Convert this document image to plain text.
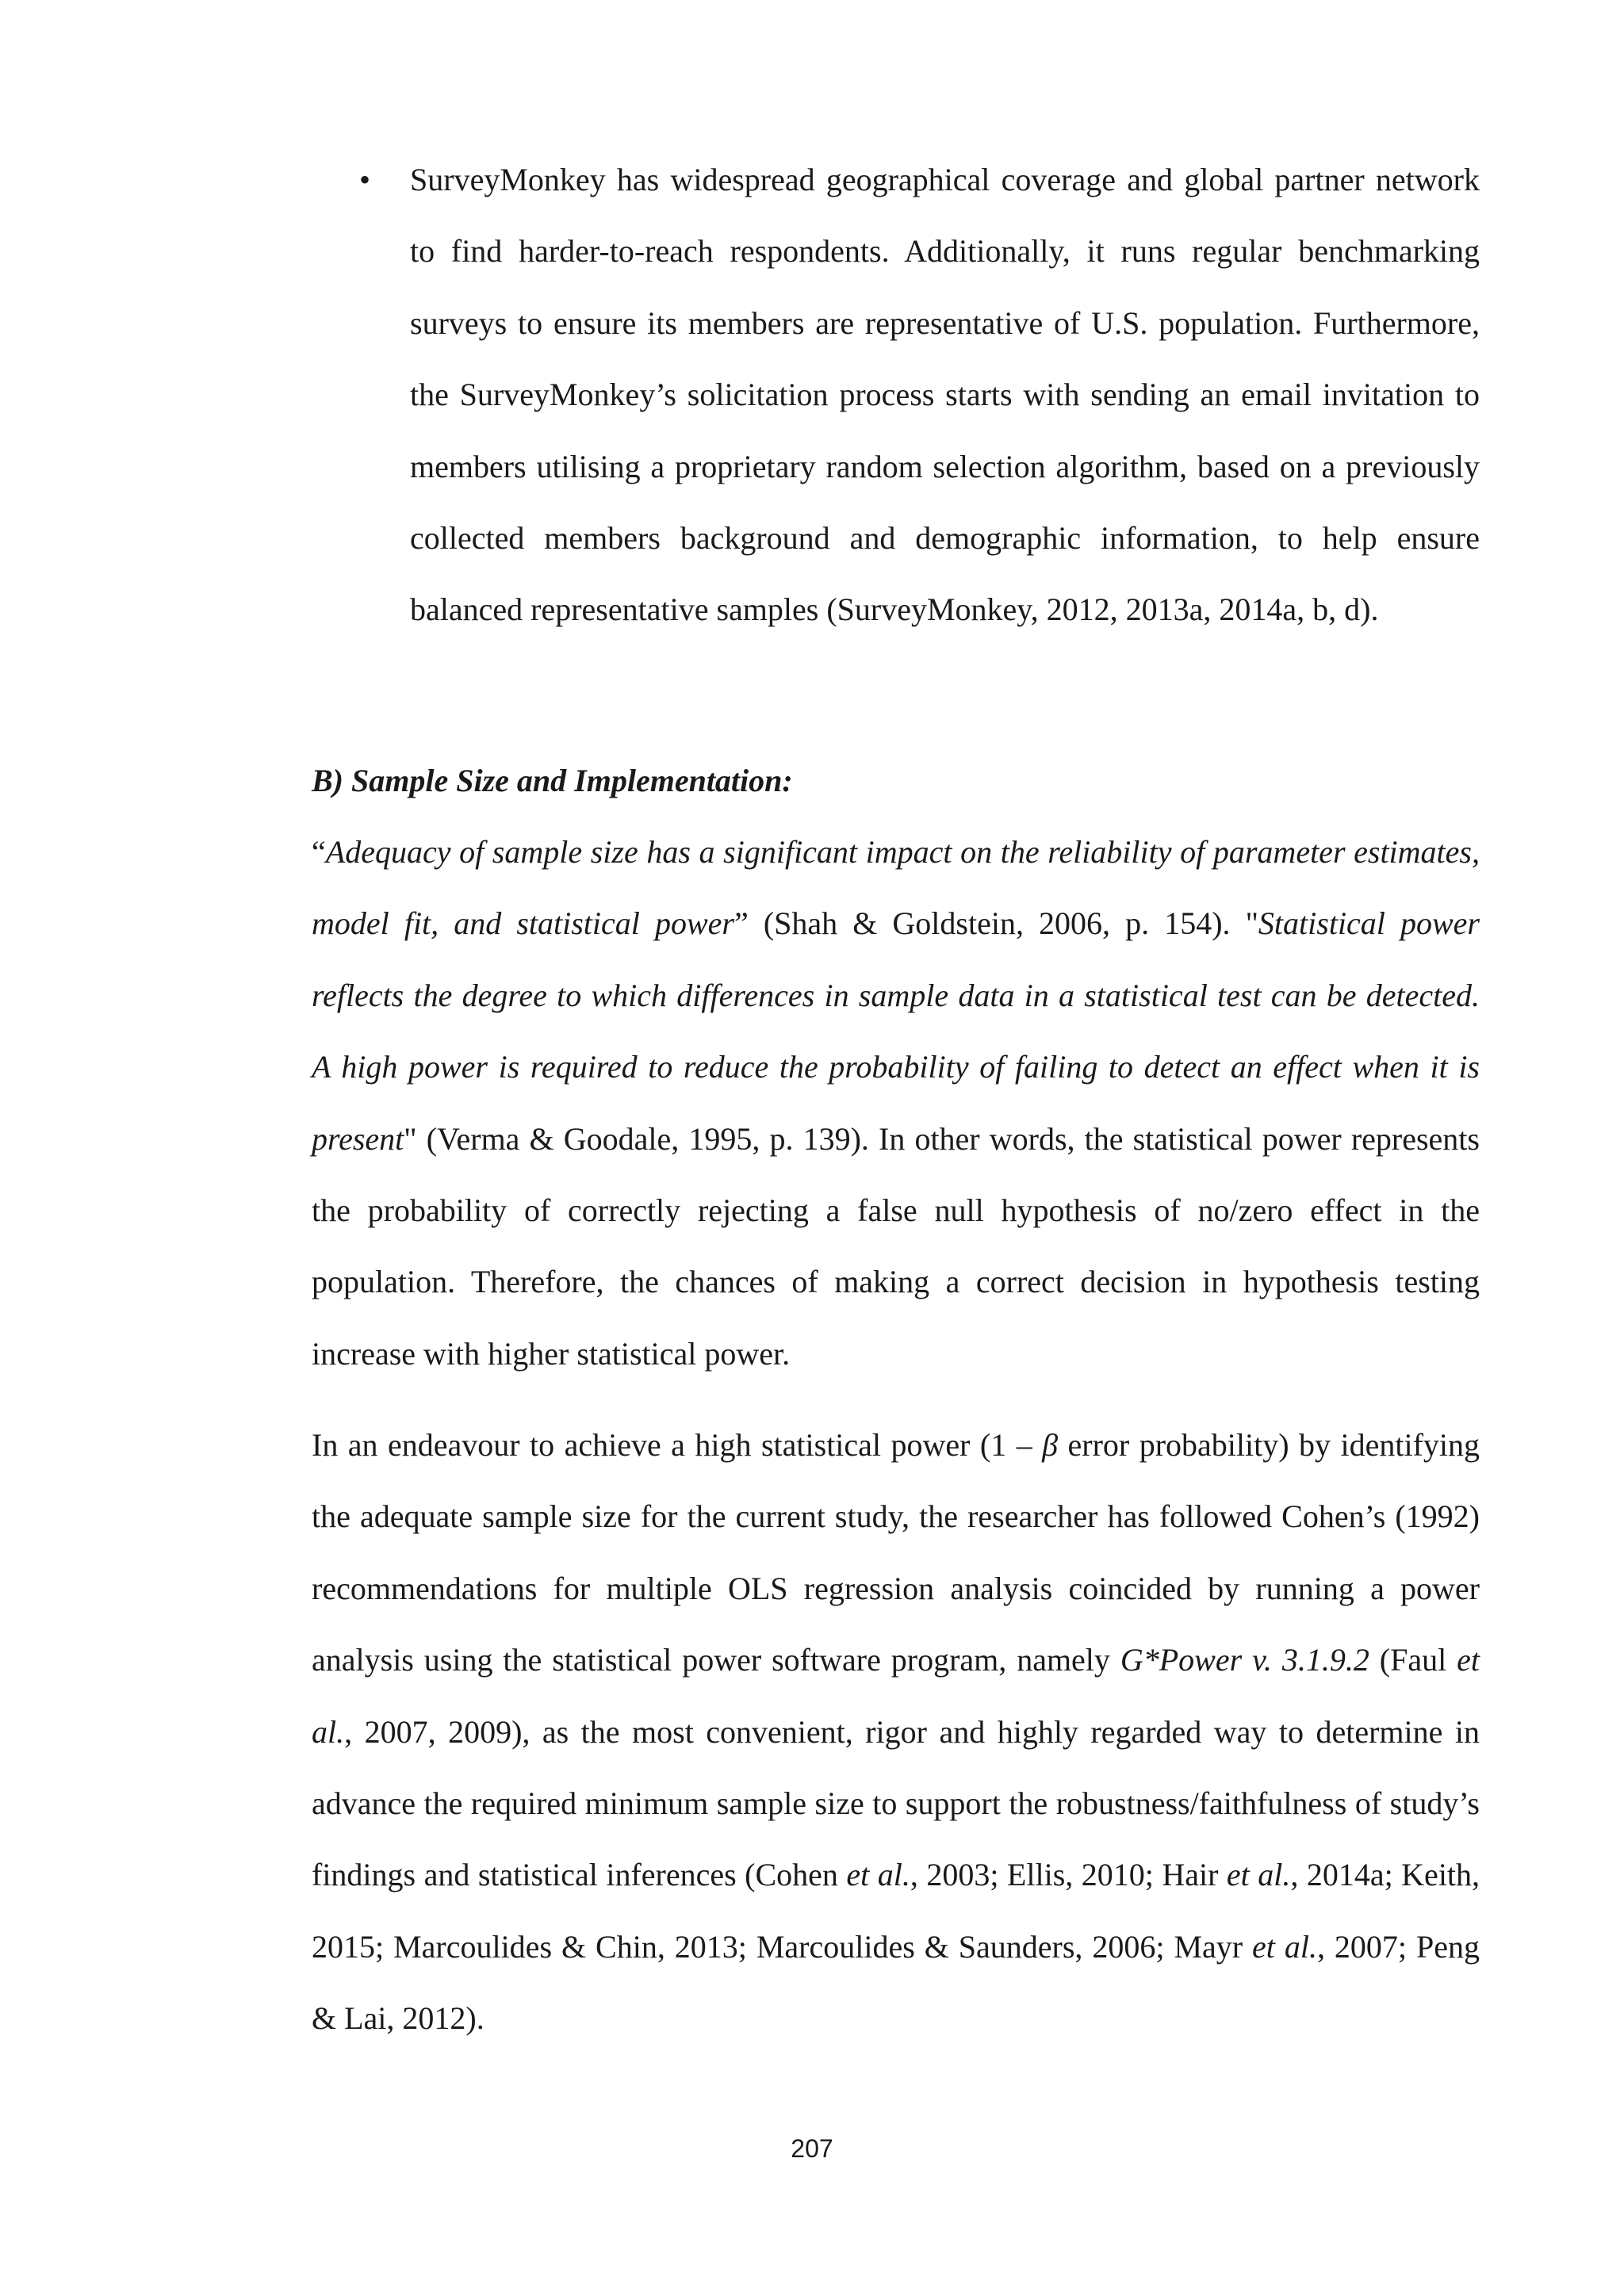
• SurveyMonkey has widespread geographical coverage and global partner network to find harder-to-reach respondents. Additionally, it runs regular benchmarking surveys to ensure its members are representative of U.S. population. Furthermore, the SurveyMonkey’s solicitation process starts with sending an email invitation to members utilising a proprietary random selection algorithm, based on a previously collected members background and demographic information, to help ensure balanced representative samples (SurveyMonkey, 2012, 2013a, 2014a, b, d).
B) Sample Size and Implementation:
“Adequacy of sample size has a significant impact on the reliability of parameter estimates, model fit, and statistical power” (Shah & Goldstein, 2006, p. 154). "Statistical power reflects the degree to which differences in sample data in a statistical test can be detected. A high power is required to reduce the probability of failing to detect an effect when it is present" (Verma & Goodale, 1995, p. 139). In other words, the statistical power represents the probability of correctly rejecting a false null hypothesis of no/zero effect in the population. Therefore, the chances of making a correct decision in hypothesis testing increase with higher statistical power.
In an endeavour to achieve a high statistical power (1 – β error probability) by identifying the adequate sample size for the current study, the researcher has followed Cohen’s (1992) recommendations for multiple OLS regression analysis coincided by running a power analysis using the statistical power software program, namely G*Power v. 3.1.9.2 (Faul et al., 2007, 2009), as the most convenient, rigor and highly regarded way to determine in advance the required minimum sample size to support the robustness/faithfulness of study’s findings and statistical inferences (Cohen et al., 2003; Ellis, 2010; Hair et al., 2014a; Keith, 2015; Marcoulides & Chin, 2013; Marcoulides & Saunders, 2006; Mayr et al., 2007; Peng & Lai, 2012).
207
